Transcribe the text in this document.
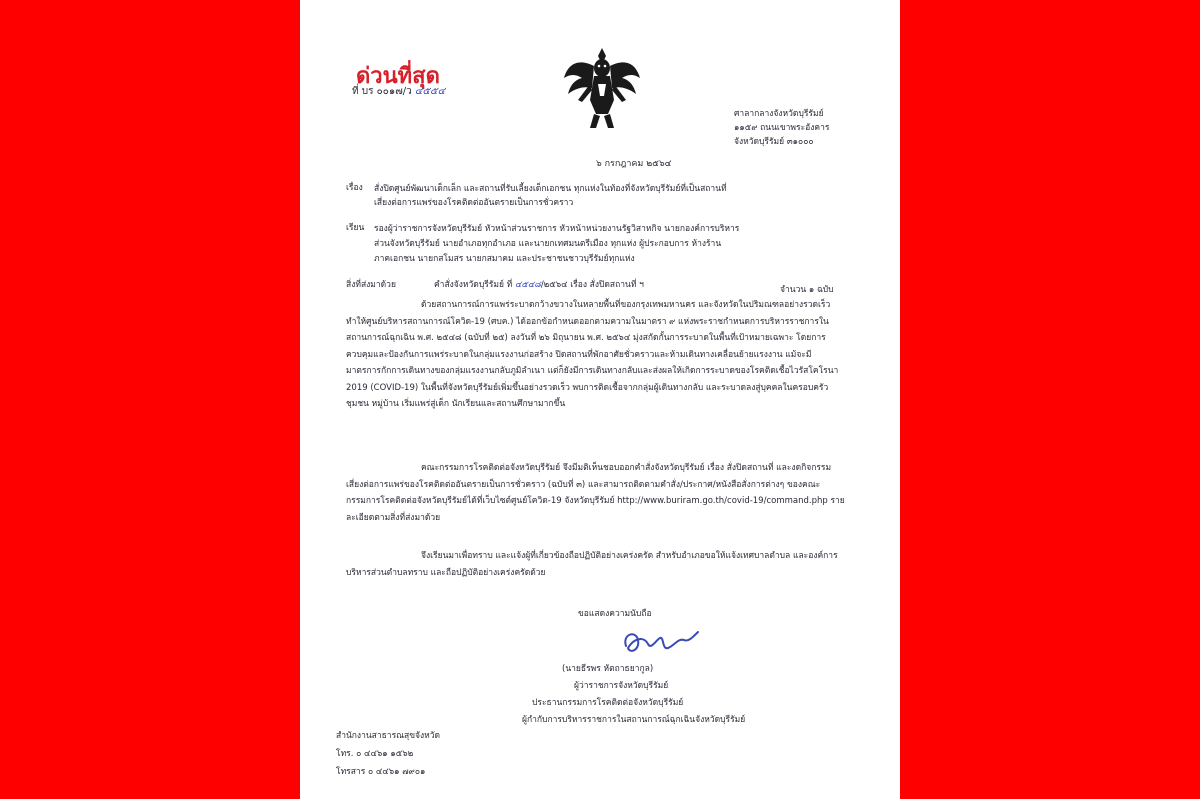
ด่วนที่สุด
ที่ บร ๐๐๑๗/ว ๔๕๕๔
ศาลากลางจังหวัดบุรีรัมย์
๑๑๕๙ ถนนเขาพระอังคาร
จังหวัดบุรีรัมย์ ๓๑๐๐๐
๖ กรกฎาคม ๒๕๖๔
เรื่อง สั่งปิดศูนย์พัฒนาเด็กเล็ก และสถานที่รับเลี้ยงเด็กเอกชน ทุกแห่งในท้องที่จังหวัดบุรีรัมย์ที่เป็นสถานที่
เสี่ยงต่อการแพร่ของโรคติดต่ออันตรายเป็นการชั่วคราว
เรียน รองผู้ว่าราชการจังหวัดบุรีรัมย์ หัวหน้าส่วนราชการ หัวหน้าหน่วยงานรัฐวิสาหกิจ นายกองค์การบริหาร
ส่วนจังหวัดบุรีรัมย์ นายอำเภอทุกอำเภอ และนายกเทศมนตรีเมือง ทุกแห่ง ผู้ประกอบการ ห้างร้าน
ภาคเอกชน นายกสโมสร นายกสมาคม และประชาชนชาวบุรีรัมย์ทุกแห่ง
สิ่งที่ส่งมาด้วย	คำสั่งจังหวัดบุรีรัมย์ ที่ ๔๕๔๘/๒๕๖๔ เรื่อง สั่งปิดสถานที่ ฯ	จำนวน ๑ ฉบับ
ด้วยสถานการณ์การแพร่ระบาดกว้างขวางในหลายพื้นที่ของกรุงเทพมหานคร และจังหวัดในปริมณฑลอย่างรวดเร็ว ทำให้ศูนย์บริหารสถานการณ์โควิด-19 (ศบค.) ได้ออกข้อกำหนดออกตามความในมาตรา ๙ แห่งพระราชกำหนดการบริหารราชการในสถานการณ์ฉุกเฉิน พ.ศ. ๒๕๔๘ (ฉบับที่ ๒๕) ลงวันที่ ๒๖ มิถุนายน พ.ศ. ๒๕๖๔ มุ่งสกัดกั้นการระบาดในพื้นที่เป้าหมายเฉพาะ โดยการควบคุมและป้องกันการแพร่ระบาดในกลุ่มแรงงานก่อสร้าง ปิดสถานที่พักอาศัยชั่วคราวและห้ามเดินทางเคลื่อนย้ายแรงงาน แม้จะมีมาตรการกักการเดินทางของกลุ่มแรงงานกลับภูมิลำเนา แต่ก็ยังมีการเดินทางกลับและส่งผลให้เกิดการระบาดของโรคติดเชื้อไวรัสโคโรนา 2019 (COVID-19) ในพื้นที่จังหวัดบุรีรัมย์เพิ่มขึ้นอย่างรวดเร็ว พบการติดเชื้อจากกลุ่มผู้เดินทางกลับ และระบาดลงสู่บุคคลในครอบครัว ชุมชน หมู่บ้าน เริ่มแพร่สู่เด็ก นักเรียนและสถานศึกษามากขึ้น
คณะกรรมการโรคติดต่อจังหวัดบุรีรัมย์ จึงมีมติเห็นชอบออกคำสั่งจังหวัดบุรีรัมย์ เรื่อง สั่งปิดสถานที่ และงดกิจกรรมเสี่ยงต่อการแพร่ของโรคติดต่ออันตรายเป็นการชั่วคราว (ฉบับที่ ๓) และสามารถติดตามคำสั่ง/ประกาศ/หนังสือสั่งการต่างๆ ของคณะกรรมการโรคติดต่อจังหวัดบุรีรัมย์ได้ที่เว็บไซต์ศูนย์โควิด-19 จังหวัดบุรีรัมย์ http://www.buriram.go.th/covid-19/command.php รายละเอียดตามสิ่งที่ส่งมาด้วย
จึงเรียนมาเพื่อทราบ และแจ้งผู้ที่เกี่ยวข้องถือปฏิบัติอย่างเคร่งครัด สำหรับอำเภอขอให้แจ้งเทศบาลตำบล และองค์การบริหารส่วนตำบลทราบ และถือปฏิบัติอย่างเคร่งครัดด้วย
ขอแสดงความนับถือ
(นายธีรพร หัตถาธยากูล)
ผู้ว่าราชการจังหวัดบุรีรัมย์
ประธานกรรมการโรคติดต่อจังหวัดบุรีรัมย์
ผู้กำกับการบริหารราชการในสถานการณ์ฉุกเฉินจังหวัดบุรีรัมย์
สำนักงานสาธารณสุขจังหวัด
โทร. ๐ ๔๔๖๑ ๑๕๖๒
โทรสาร ๐ ๔๔๖๑ ๗๙๐๑
